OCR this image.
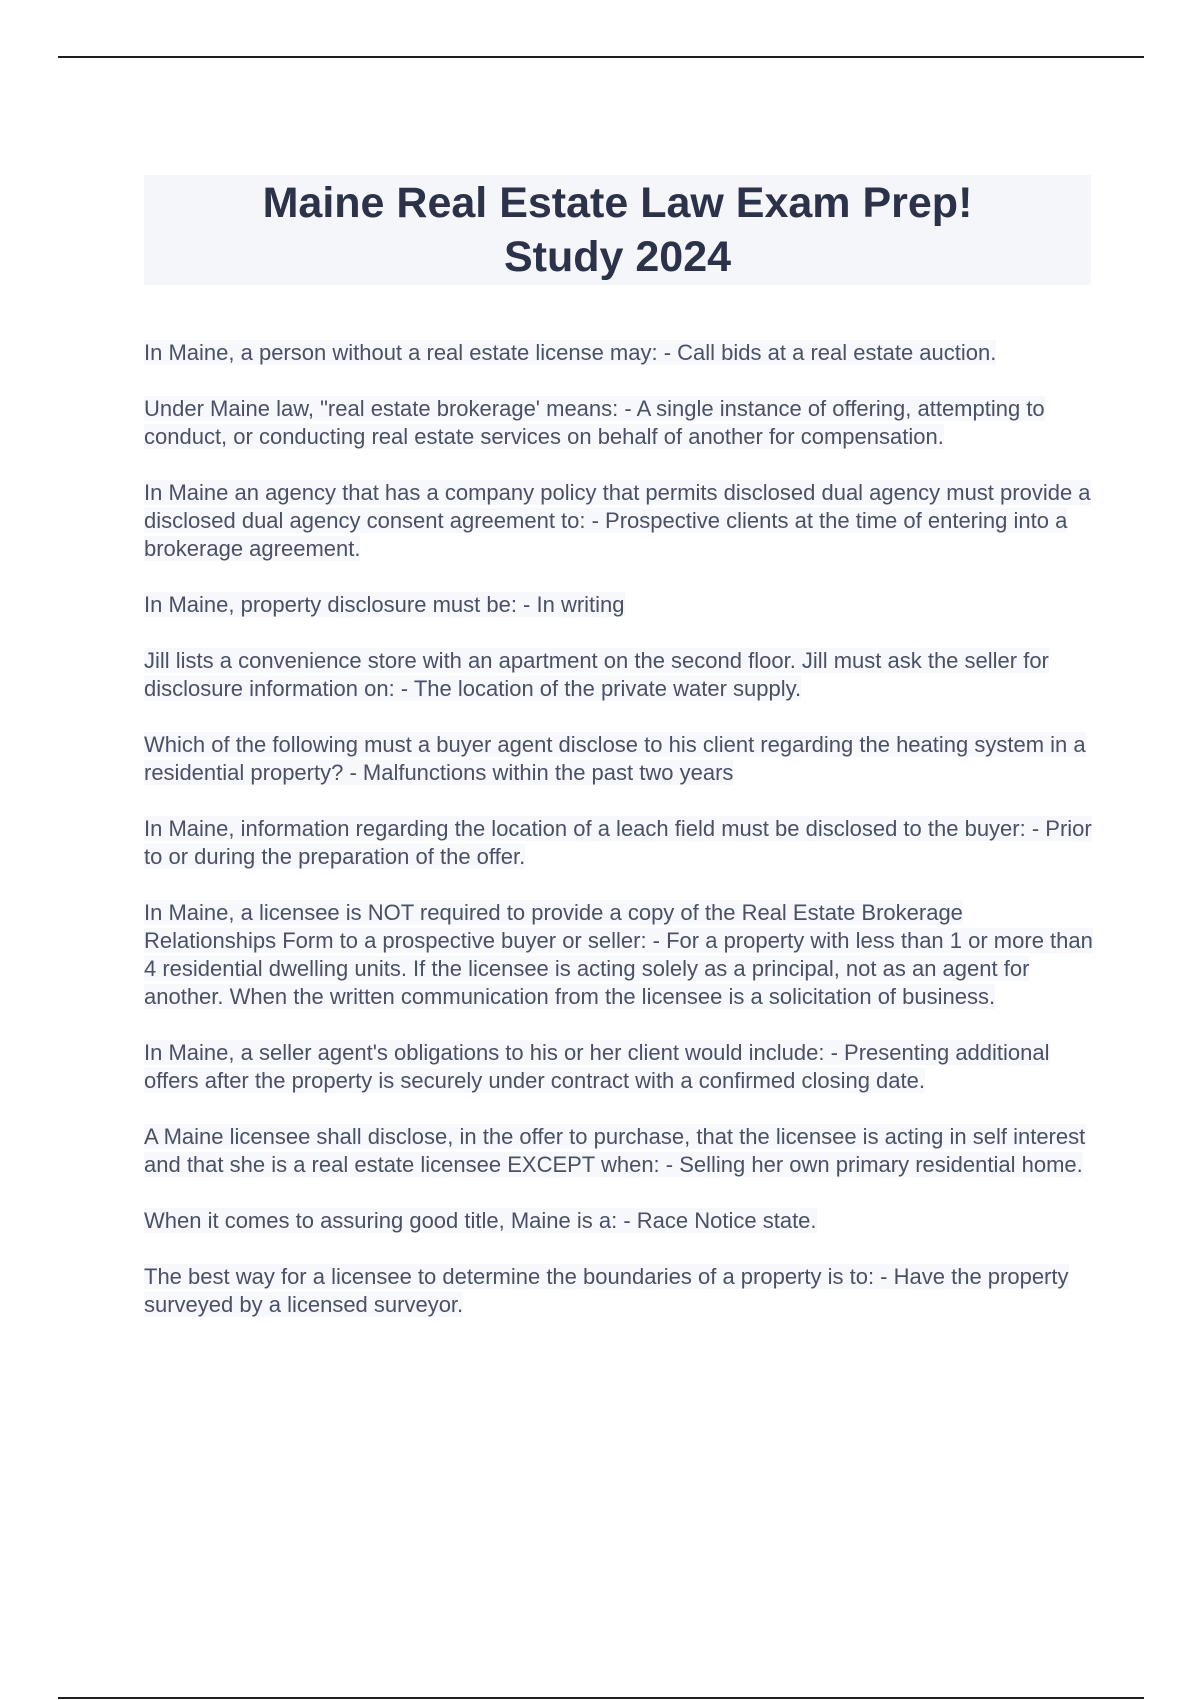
Maine Real Estate Law Exam Prep!
Study 2024
In Maine, a person without a real estate license may: - Call bids at a real estate auction.
Under Maine law, "real estate brokerage' means: - A single instance of offering, attempting to conduct, or conducting real estate services on behalf of another for compensation.
In Maine an agency that has a company policy that permits disclosed dual agency must provide a disclosed dual agency consent agreement to: - Prospective clients at the time of entering into a brokerage agreement.
In Maine, property disclosure must be: - In writing
Jill lists a convenience store with an apartment on the second floor. Jill must ask the seller for disclosure information on: - The location of the private water supply.
Which of the following must a buyer agent disclose to his client regarding the heating system in a residential property? - Malfunctions within the past two years
In Maine, information regarding the location of a leach field must be disclosed to the buyer: - Prior to or during the preparation of the offer.
In Maine, a licensee is NOT required to provide a copy of the Real Estate Brokerage Relationships Form to a prospective buyer or seller: - For a property with less than 1 or more than 4 residential dwelling units. If the licensee is acting solely as a principal, not as an agent for another. When the written communication from the licensee is a solicitation of business.
In Maine, a seller agent's obligations to his or her client would include: - Presenting additional offers after the property is securely under contract with a confirmed closing date.
A Maine licensee shall disclose, in the offer to purchase, that the licensee is acting in self interest and that she is a real estate licensee EXCEPT when: - Selling her own primary residential home.
When it comes to assuring good title, Maine is a: - Race Notice state.
The best way for a licensee to determine the boundaries of a property is to: - Have the property surveyed by a licensed surveyor.
